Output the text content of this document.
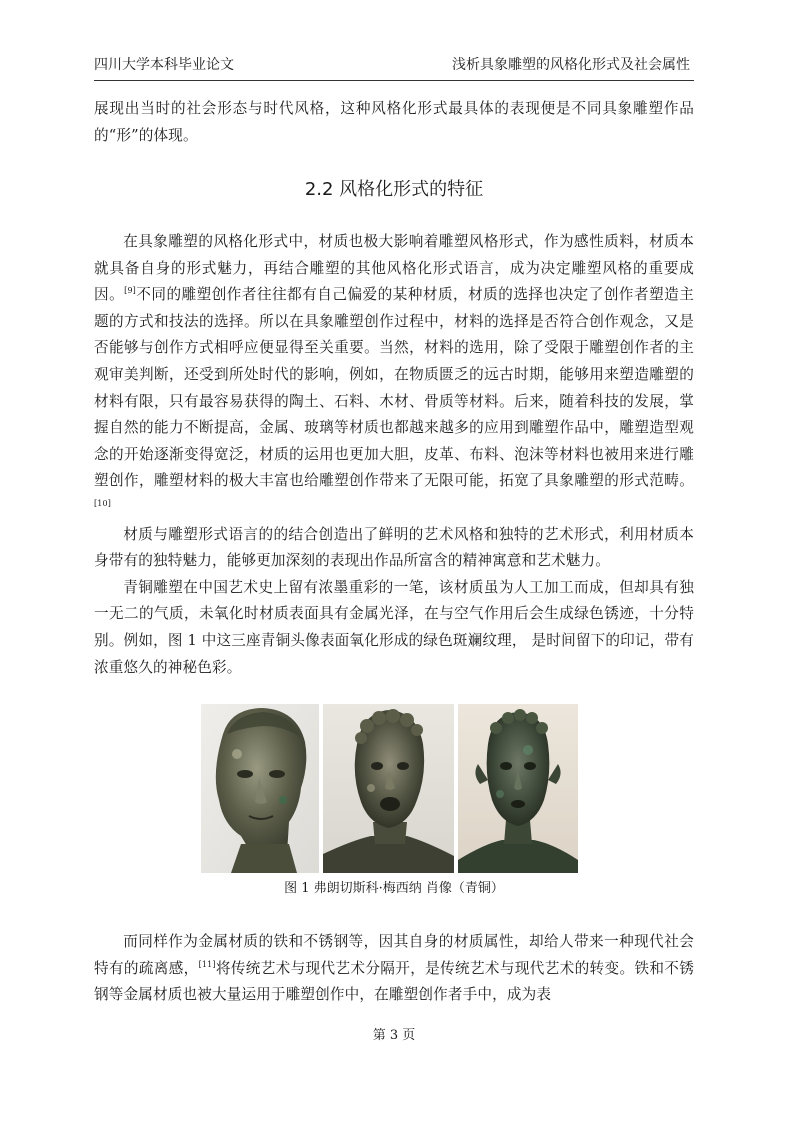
四川大学本科毕业论文	浅析具象雕塑的风格化形式及社会属性

展现出当时的社会形态与时代风格，这种风格化形式最具体的表现便是不同具象雕塑作品的“形”的体现。

2.2 风格化形式的特征

在具象雕塑的风格化形式中，材质也极大影响着雕塑风格形式，作为感性质料，材质本就具备自身的形式魅力，再结合雕塑的其他风格化形式语言，成为决定雕塑风格的重要成因。[9]不同的雕塑创作者往往都有自己偏爱的某种材质，材质的选择也决定了创作者塑造主题的方式和技法的选择。所以在具象雕塑创作过程中，材料的选择是否符合创作观念，又是否能够与创作方式相呼应便显得至关重要。当然，材料的选用，除了受限于雕塑创作者的主观审美判断，还受到所处时代的影响，例如，在物质匮乏的远古时期，能够用来塑造雕塑的材料有限，只有最容易获得的陶土、石料、木材、骨质等材料。后来，随着科技的发展，掌握自然的能力不断提高，金属、玻璃等材质也都越来越多的应用到雕塑作品中，雕塑造型观念的开始逐渐变得宽泛，材质的运用也更加大胆，皮革、布料、泡沫等材料也被用来进行雕塑创作，雕塑材料的极大丰富也给雕塑创作带来了无限可能，拓宽了具象雕塑的形式范畴。[10]

材质与雕塑形式语言的的结合创造出了鲜明的艺术风格和独特的艺术形式，利用材质本身带有的独特魅力，能够更加深刻的表现出作品所富含的精神寓意和艺术魅力。

青铜雕塑在中国艺术史上留有浓墨重彩的一笔，该材质虽为人工加工而成，但却具有独一无二的气质，未氧化时材质表面具有金属光泽，在与空气作用后会生成绿色锈迹，十分特别。例如，图 1 中这三座青铜头像表面氧化形成的绿色斑斓纹理， 是时间留下的印记，带有浓重悠久的神秘色彩。

图 1 弗朗切斯科·梅西纳 肖像（青铜）

而同样作为金属材质的铁和不锈钢等，因其自身的材质属性，却给人带来一种现代社会特有的疏离感，[11]将传统艺术与现代艺术分隔开，是传统艺术与现代艺术的转变。铁和不锈钢等金属材质也被大量运用于雕塑创作中，在雕塑创作者手中，成为表

第 3 页
